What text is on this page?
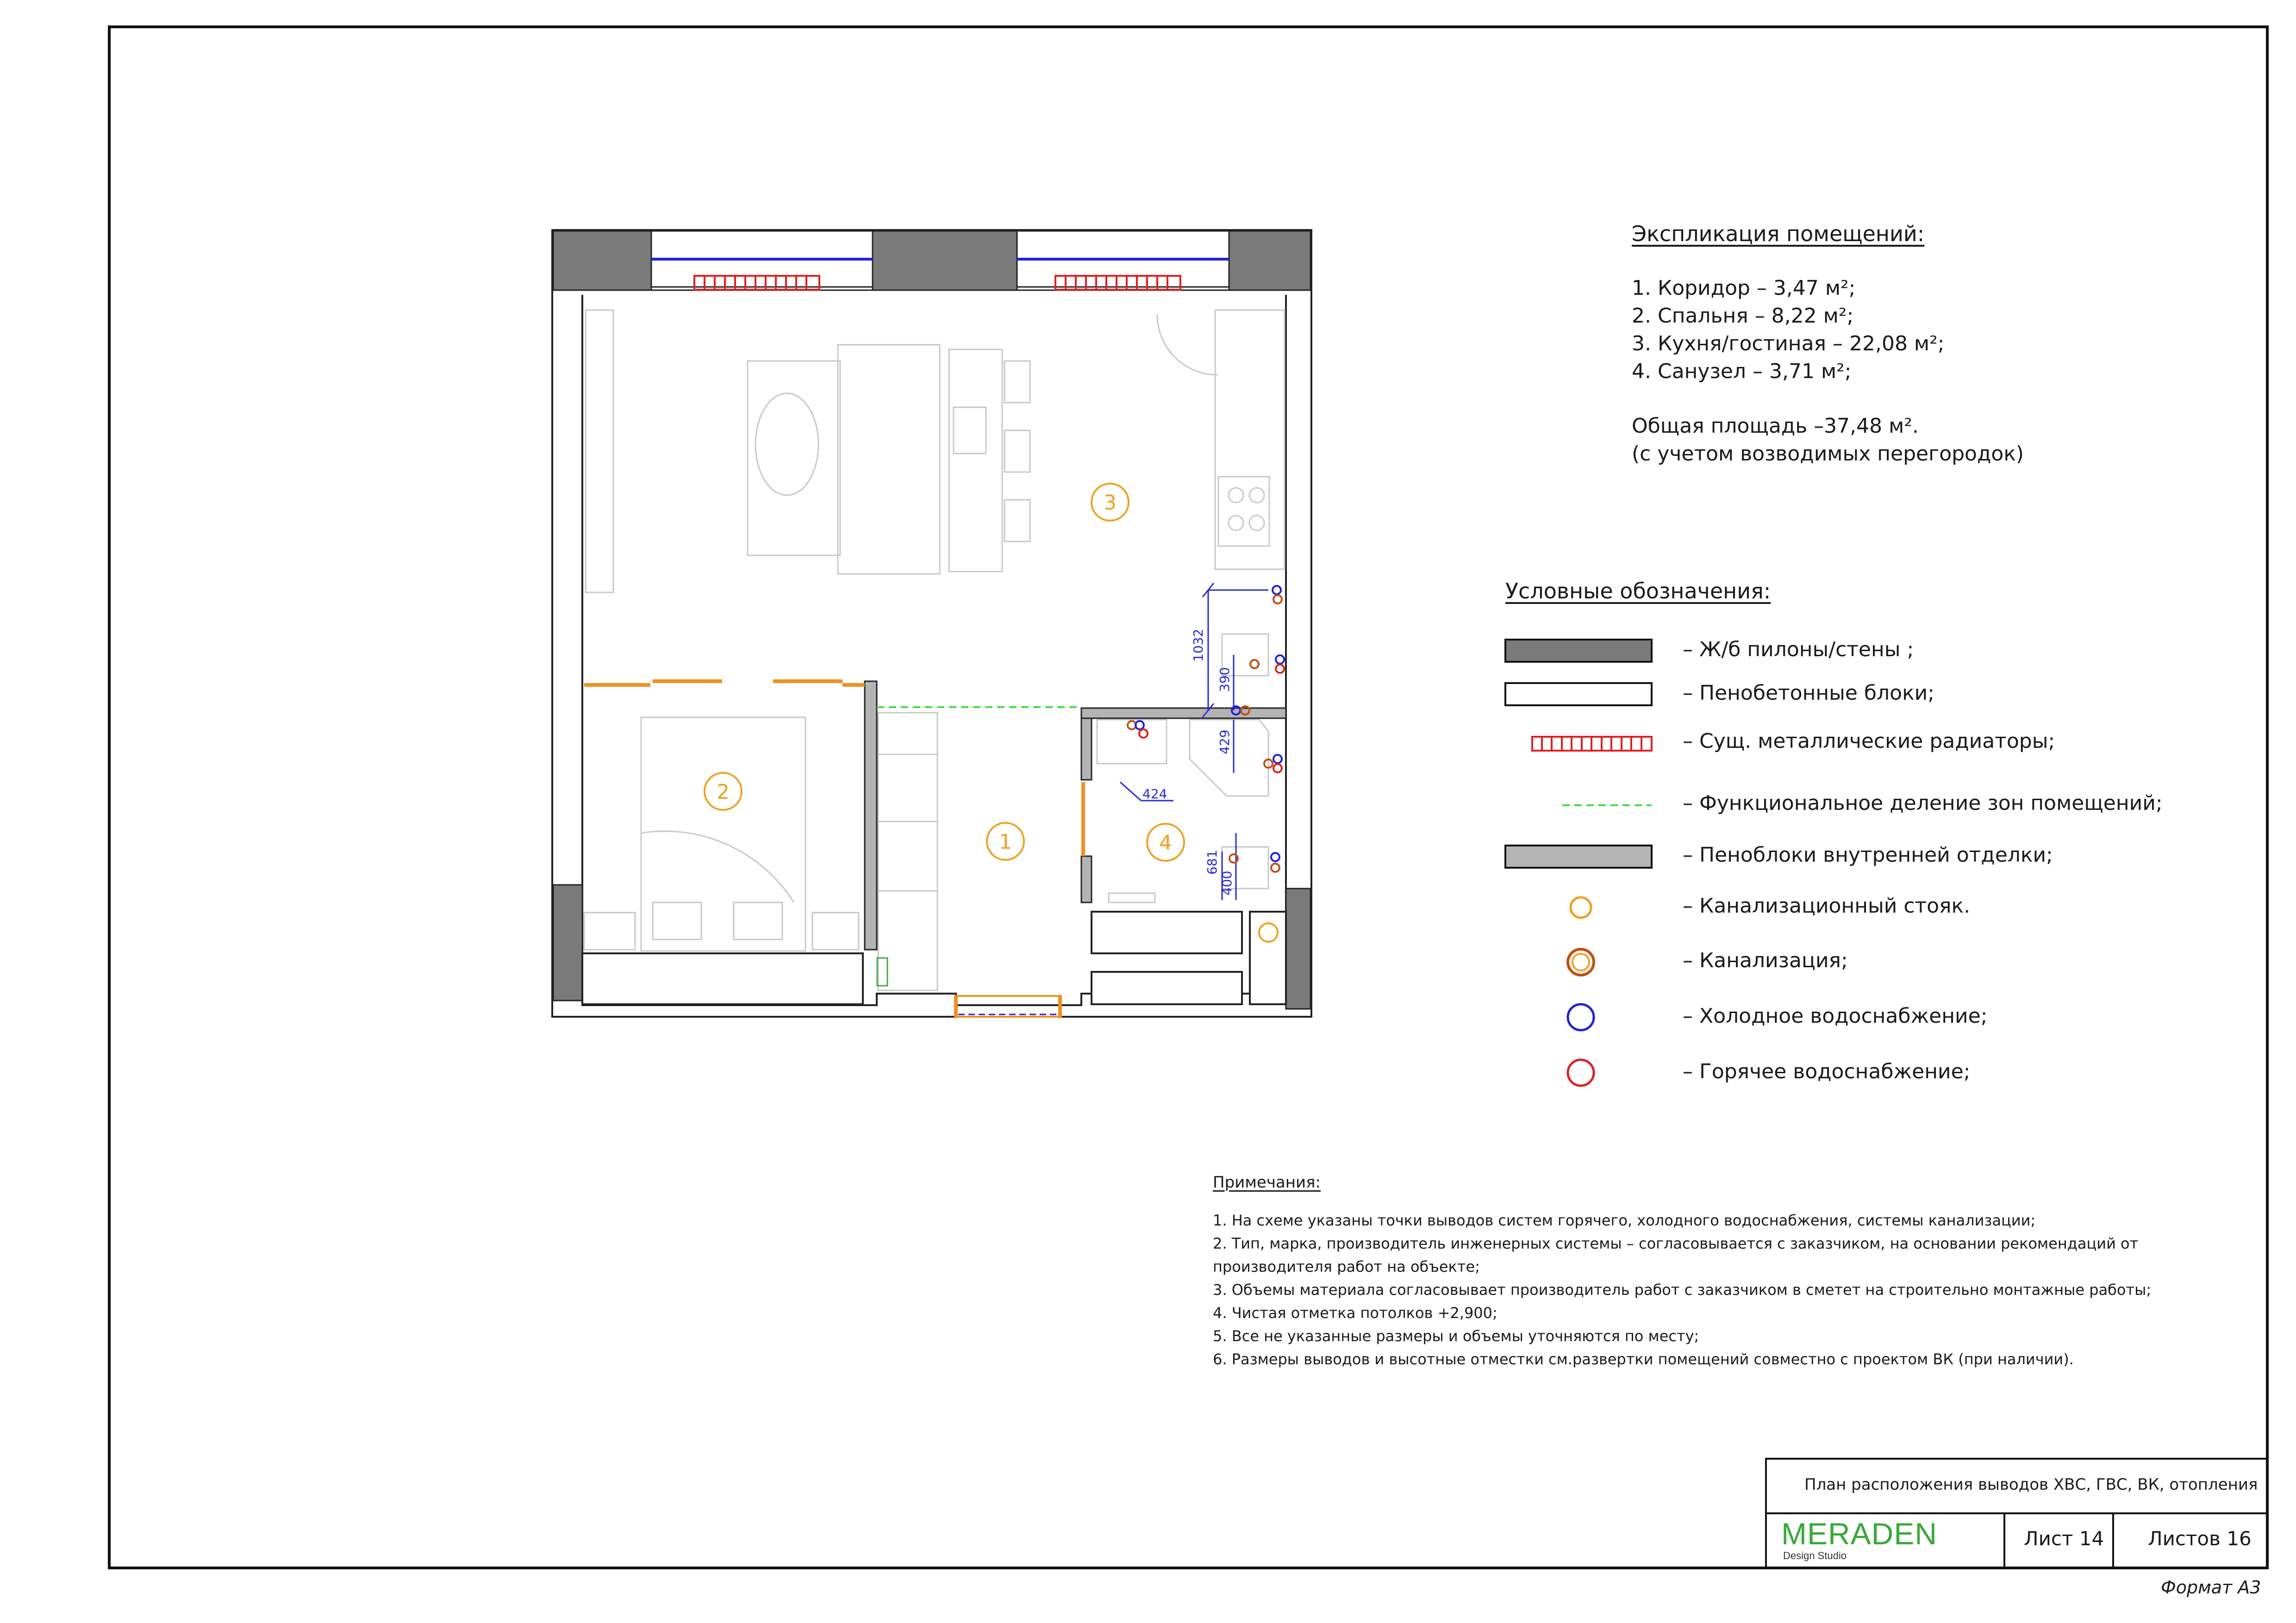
1
2
3
4
1032
390
429
424
681
400
Экспликация помещений:
1. Коридор – 3,47 м²;
2. Спальня – 8,22 м²;
3. Кухня/гостиная – 22,08 м²;
4. Санузел – 3,71 м²;
Общая площадь –37,48 м².
(с учетом возводимых перегородок)
Условные обозначения:
– Ж/б пилоны/стены ;
– Пенобетонные блоки;
– Сущ. металлические радиаторы;
– Функциональное деление зон помещений;
– Пеноблоки внутренней отделки;
– Канализационный стояк.
– Канализация;
– Холодное водоснабжение;
– Горячее водоснабжение;
Примечания:
1. На схеме указаны точки выводов систем горячего, холодного водоснабжения, системы канализации;
2. Тип, марка, производитель инженерных системы – согласовывается с заказчиком, на основании рекомендаций от
производителя работ на объекте;
3. Объемы материала согласовывает производитель работ с заказчиком в сметет на строительно монтажные работы;
4. Чистая отметка потолков +2,900;
5. Все не указанные размеры и объемы уточняются по месту;
6. Размеры выводов и высотные отместки см.развертки помещений совместно с проектом ВК (при наличии).
План расположения выводов ХВС, ГВС, ВК, отопления
MERADEN
Design Studio
Лист 14 Листов 16
Формат А3
